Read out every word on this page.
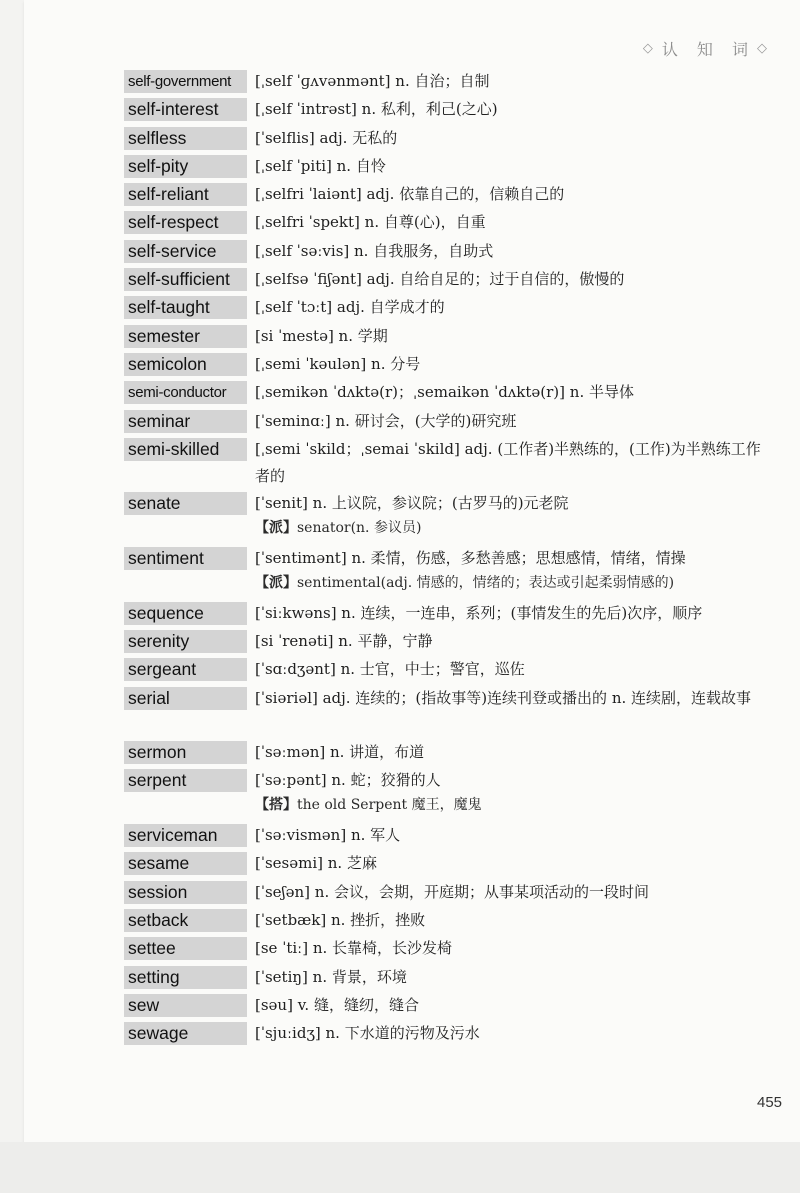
◇ 认 知 词 ◇
self-government	[ˌself ˈɡʌvənmənt] n. 自治；自制
self-interest	[ˌself ˈintrəst] n. 私利，利己(之心)
selfless	[ˈselflis] adj. 无私的
self-pity	[ˌself ˈpiti] n. 自怜
self-reliant	[ˌselfri ˈlaiənt] adj. 依靠自己的，信赖自己的
self-respect	[ˌselfri ˈspekt] n. 自尊(心)，自重
self-service	[ˌself ˈsəːvis] n. 自我服务，自助式
self-sufficient	[ˌselfsə ˈfiʃənt] adj. 自给自足的；过于自信的，傲慢的
self-taught	[ˌself ˈtɔːt] adj. 自学成才的
semester	[si ˈmestə] n. 学期
semicolon	[ˌsemi ˈkəulən] n. 分号
semi-conductor	[ˌsemikən ˈdʌktə(r)；ˌsemaikən ˈdʌktə(r)] n. 半导体
seminar	[ˈseminɑː] n. 研讨会，(大学的)研究班
semi-skilled	[ˌsemi ˈskild；ˌsemai ˈskild] adj. (工作者)半熟练的，(工作)为半熟练工作者的
senate	[ˈsenit] n. 上议院，参议院；(古罗马的)元老院
【派】senator(n. 参议员)
sentiment	[ˈsentimənt] n. 柔情，伤感，多愁善感；思想感情，情绪，情操
【派】sentimental(adj. 情感的，情绪的；表达或引起柔弱情感的)
sequence	[ˈsiːkwəns] n. 连续，一连串，系列；(事情发生的先后)次序，顺序
serenity	[si ˈrenəti] n. 平静，宁静
sergeant	[ˈsɑːdʒənt] n. 士官，中士；警官，巡佐
serial	[ˈsiəriəl] adj. 连续的；(指故事等)连续刊登或播出的 n. 连续剧，连载故事
sermon	[ˈsəːmən] n. 讲道，布道
serpent	[ˈsəːpənt] n. 蛇；狡猾的人
【搭】the old Serpent 魔王，魔鬼
serviceman	[ˈsəːvismən] n. 军人
sesame	[ˈsesəmi] n. 芝麻
session	[ˈseʃən] n. 会议，会期，开庭期；从事某项活动的一段时间
setback	[ˈsetbæk] n. 挫折，挫败
settee	[se ˈtiː] n. 长靠椅，长沙发椅
setting	[ˈsetiŋ] n. 背景，环境
sew	[səu] v. 缝，缝纫，缝合
sewage	[ˈsjuːidʒ] n. 下水道的污物及污水
455
